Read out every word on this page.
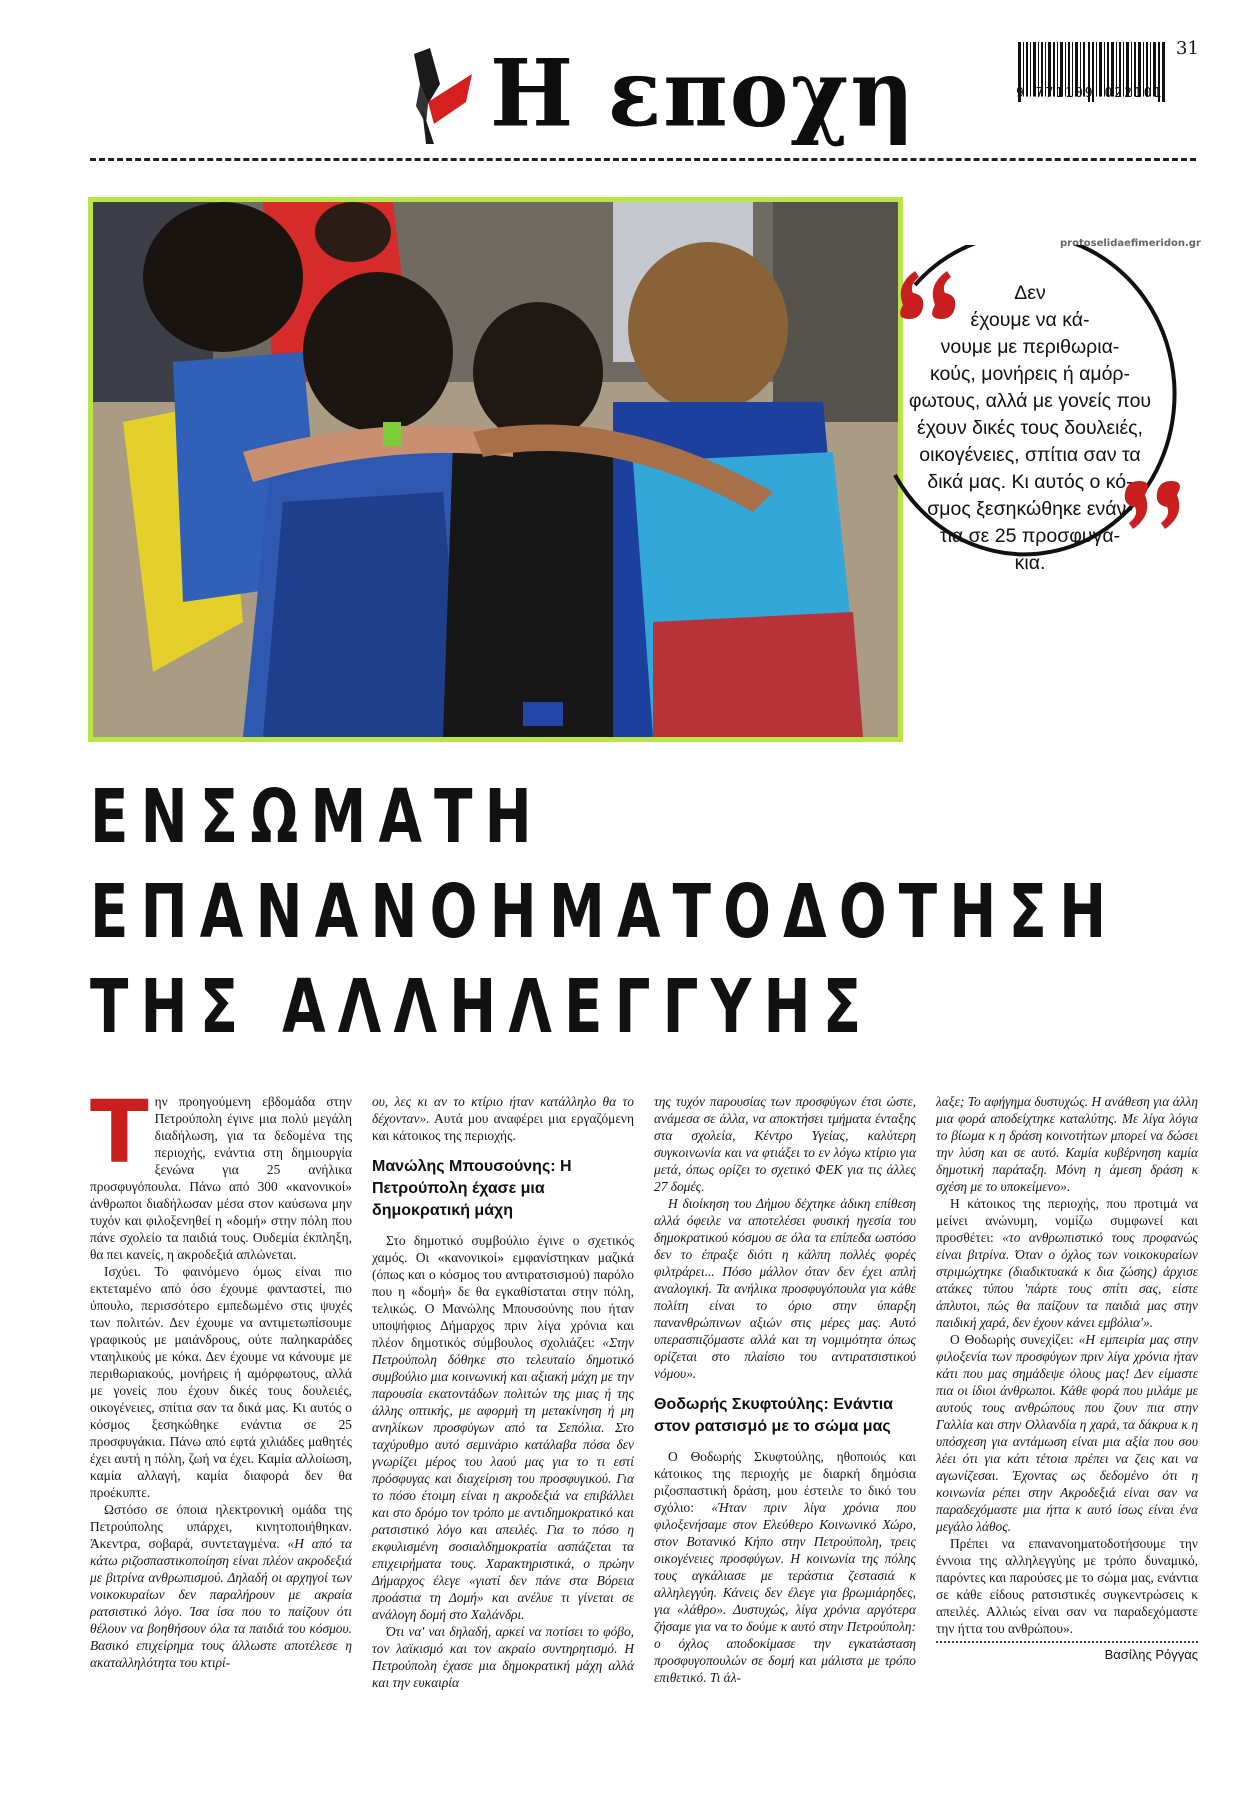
Η εποχη	9 771109 022101
31
protoselidaefimeridon.gr
Δεν
έχουμε να κά-
νουμε με περιθωρια-
κούς, μονήρεις ή αμόρ-
φωτους, αλλά με γονείς που
έχουν δικές τους δουλειές,
οικογένειες, σπίτια σαν τα
δικά μας. Κι αυτός ο κό-
σμος ξεσηκώθηκε ενάν-
τια σε 25 προσφυγά-
κια.
ΕΝΣΩΜΑΤΗ
ΕΠΑΝΑΝΟΗΜΑΤΟΔΟΤΗΣΗ
ΤΗΣ ΑΛΛΗΛΕΓΓΥΗΣ
Τ ην προηγούμενη εβδομάδα στην Πετρούπολη έγινε μια πολύ μεγάλη διαδήλωση, για τα δεδομένα της περιοχής, ενάντια στη δημιουργία ξενώνα για 25 ανήλικα προσφυγόπουλα. Πάνω από 300 «κανονικοί» άνθρωποι διαδήλωσαν μέσα στον καύσωνα μην τυχόν και φιλοξενηθεί η «δομή» στην πόλη που πάνε σχολείο τα παιδιά τους. Ουδεμία έκπληξη, θα πει κανείς, η ακροδεξιά απλώνεται.

Ισχύει. Το φαινόμενο όμως είναι πιο εκτεταμένο από όσο έχουμε φανταστεί, πιο ύπουλο, περισσότερο εμπεδωμένο στις ψυχές των πολιτών. Δεν έχουμε να αντιμετωπίσουμε γραφικούς με μαιάνδρους, ούτε παληκαράδες νταηλικούς με κόκα. Δεν έχουμε να κάνουμε με περιθωριακούς, μονήρεις ή αμόρφωτους, αλλά με γονείς που έχουν δικές τους δουλειές, οικογένειες, σπίτια σαν τα δικά μας. Κι αυτός ο κόσμος ξεσηκώθηκε ενάντια σε 25 προσφυγάκια. Πάνω από εφτά χιλιάδες μαθητές έχει αυτή η πόλη, ζωή να έχει. Καμία αλλοίωση, καμία αλλαγή, καμία διαφορά δεν θα προέκυπτε.

Ωστόσο σε όποια ηλεκτρονική ομάδα της Πετρούπολης υπάρχει, κινητοποιήθηκαν. Άκεντρα, σοβαρά, συντεταγμένα. «Η από τα κάτω ριζοσπαστικοποίηση είναι πλέον ακροδεξιά με βιτρίνα ανθρωπισμού. Δηλαδή οι αρχηγοί των νοικοκυραίων δεν παραλήρουν με ακραία ρατσιστικό λόγο. Ίσα ίσα που το παίζουν ότι θέλουν να βοηθήσουν όλα τα παιδιά του κόσμου. Βασικό επιχείρημα τους άλλωστε αποτέλεσε η ακαταλληλότητα του κτιρί-

ου, λες κι αν το κτίριο ήταν κατάλληλο θα το δέχονταν». Αυτά μου αναφέρει μια εργαζόμενη και κάτοικος της περιοχής.

Μανώλης Μπουσούνης: Η Πετρούπολη έχασε μια δημοκρατική μάχη

Στο δημοτικό συμβούλιο έγινε ο σχετικός χαμός. Οι «κανονικοί» εμφανίστηκαν μαζικά (όπως και ο κόσμος του αντιρατσισμού) παρόλο που η «δομή» δε θα εγκαθίσταται στην πόλη, τελικώς. Ο Μανώλης Μπουσούνης που ήταν υποψήφιος Δήμαρχος πριν λίγα χρόνια και πλέον δημοτικός σύμβουλος σχολιάζει: «Στην Πετρούπολη δόθηκε στο τελευταίο δημοτικό συμβούλιο μια κοινωνική και αξιακή μάχη με την παρουσία εκατοντάδων πολιτών της μιας ή της άλλης οπτικής, με αφορμή τη μετακίνηση ή μη ανηλίκων προσφύγων από τα Σεπόλια. Στο ταχύρυθμο αυτό σεμινάριο κατάλαβα πόσα δεν γνωρίζει μέρος του λαού μας για το τι εστί πρόσφυγας και διαχείριση του προσφυγικού. Για το πόσο έτοιμη είναι η ακροδεξιά να επιβάλλει και στο δρόμο τον τρόπο με αντιδημοκρατικό και ρατσιστικό λόγο και απειλές. Για το πόσο η εκφυλισμένη σοσιαλδημοκρατία ασπάζεται τα επιχειρήματα τους. Χαρακτηριστικά, ο πρώην Δήμαρχος έλεγε «γιατί δεν πάνε στα Βόρεια προάστια τη Δομή» και ανέλυε τι γίνεται σε ανάλογη δομή στο Χαλάνδρι.

Ότι να' ναι δηλαδή, αρκεί να ποτίσει το φόβο, τον λαϊκισμό και τον ακραίο συντηρητισμό. Η Πετρούπολη έχασε μια δημοκρατική μάχη αλλά και την ευκαιρία

της τυχόν παρουσίας των προσφύγων έτσι ώστε, ανάμεσα σε άλλα, να αποκτήσει τμήματα ένταξης στα σχολεία, Κέντρο Υγείας, καλύτερη συγκοινωνία και να φτιάξει το εν λόγω κτίριο για μετά, όπως ορίζει το σχετικό ΦΕΚ για τις άλλες 27 δομές.

Η διοίκηση του Δήμου δέχτηκε άδικη επίθεση αλλά όφειλε να αποτελέσει φυσική ηγεσία του δημοκρατικού κόσμου σε όλα τα επίπεδα ωστόσο δεν το έπραξε διότι η κάλπη πολλές φορές φιλτράρει... Πόσο μάλλον όταν δεν έχει απλή αναλογική. Τα ανήλικα προσφυγόπουλα για κάθε πολίτη είναι το όριο στην ύπαρξη πανανθρώπινων αξιών στις μέρες μας. Αυτό υπερασπιζόμαστε αλλά και τη νομιμότητα όπως ορίζεται στο πλαίσιο του αντιρατσιστικού νόμου».

Θοδωρής Σκυφτούλης: Ενάντια στον ρατσισμό με το σώμα μας

Ο Θοδωρής Σκυφτούλης, ηθοποιός και κάτοικος της περιοχής με διαρκή δημόσια ριζοσπαστική δράση, μου έστειλε το δικό του σχόλιο: «Ήταν πριν λίγα χρόνια που φιλοξενήσαμε στον Ελεύθερο Κοινωνικό Χώρο, στον Βοτανικό Κήπο στην Πετρούπολη, τρεις οικογένειες προσφύγων. Η κοινωνία της πόλης τους αγκάλιασε με τεράστια ζεστασιά κ αλληλεγγύη. Κάνεις δεν έλεγε για βρωμιάρηδες, για «λάθρο». Δυστυχώς, λίγα χρόνια αργότερα ζήσαμε για να το δούμε κ αυτό στην Πετρούπολη: ο όχλος αποδοκίμασε την εγκατάσταση προσφυγοπουλών σε δομή και μάλιστα με τρόπο επιθετικό. Τι άλ-

λαξε; Το αφήγημα δυστυχώς. Η ανάθεση για άλλη μια φορά αποδείχτηκε καταλύτης. Με λίγα λόγια το βίωμα κ η δράση κοινοτήτων μπορεί να δώσει την λύση και σε αυτό. Καμία κυβέρνηση καμία δημοτική παράταξη. Μόνη η άμεση δράση κ σχέση με το υποκείμενο».

Η κάτοικος της περιοχής, που προτιμά να μείνει ανώνυμη, νομίζω συμφωνεί και προσθέτει: «το ανθρωπιστικό τους προφανώς είναι βιτρίνα. Όταν ο όχλος των νοικοκυραίων στριμώχτηκε (διαδικτυακά κ δια ζώσης) άρχισε ατάκες τύπου 'πάρτε τους σπίτι σας, είστε άπλυτοι, πώς θα παίζουν τα παιδιά μας στην παιδική χαρά, δεν έχουν κάνει εμβόλια'».

Ο Θοδωρής συνεχίζει: «Η εμπειρία μας στην φιλοξενία των προσφύγων πριν λίγα χρόνια ήταν κάτι που μας σημάδεψε όλους μας! Δεν είμαστε πια οι ίδιοι άνθρωποι. Κάθε φορά που μιλάμε με αυτούς τους ανθρώπους που ζουν πια στην Γαλλία και στην Ολλανδία η χαρά, τα δάκρυα κ η υπόσχεση για αντάμωση είναι μια αξία που σου λέει ότι για κάτι τέτοια πρέπει να ζεις και να αγωνίζεσαι. Έχοντας ως δεδομένο ότι η κοινωνία ρέπει στην Ακροδεξιά είναι σαν να παραδεχόμαστε μια ήττα κ αυτό ίσως είναι ένα μεγάλο λάθος.

Πρέπει να επανανοηματοδοτήσουμε την έννοια της αλληλεγγύης με τρόπο δυναμικό, παρόντες και παρούσες με το σώμα μας, ενάντια σε κάθε είδους ρατσιστικές συγκεντρώσεις κ απειλές. Αλλιώς είναι σαν να παραδεχόμαστε την ήττα του ανθρώπου».

Βασίλης Ρόγγας
